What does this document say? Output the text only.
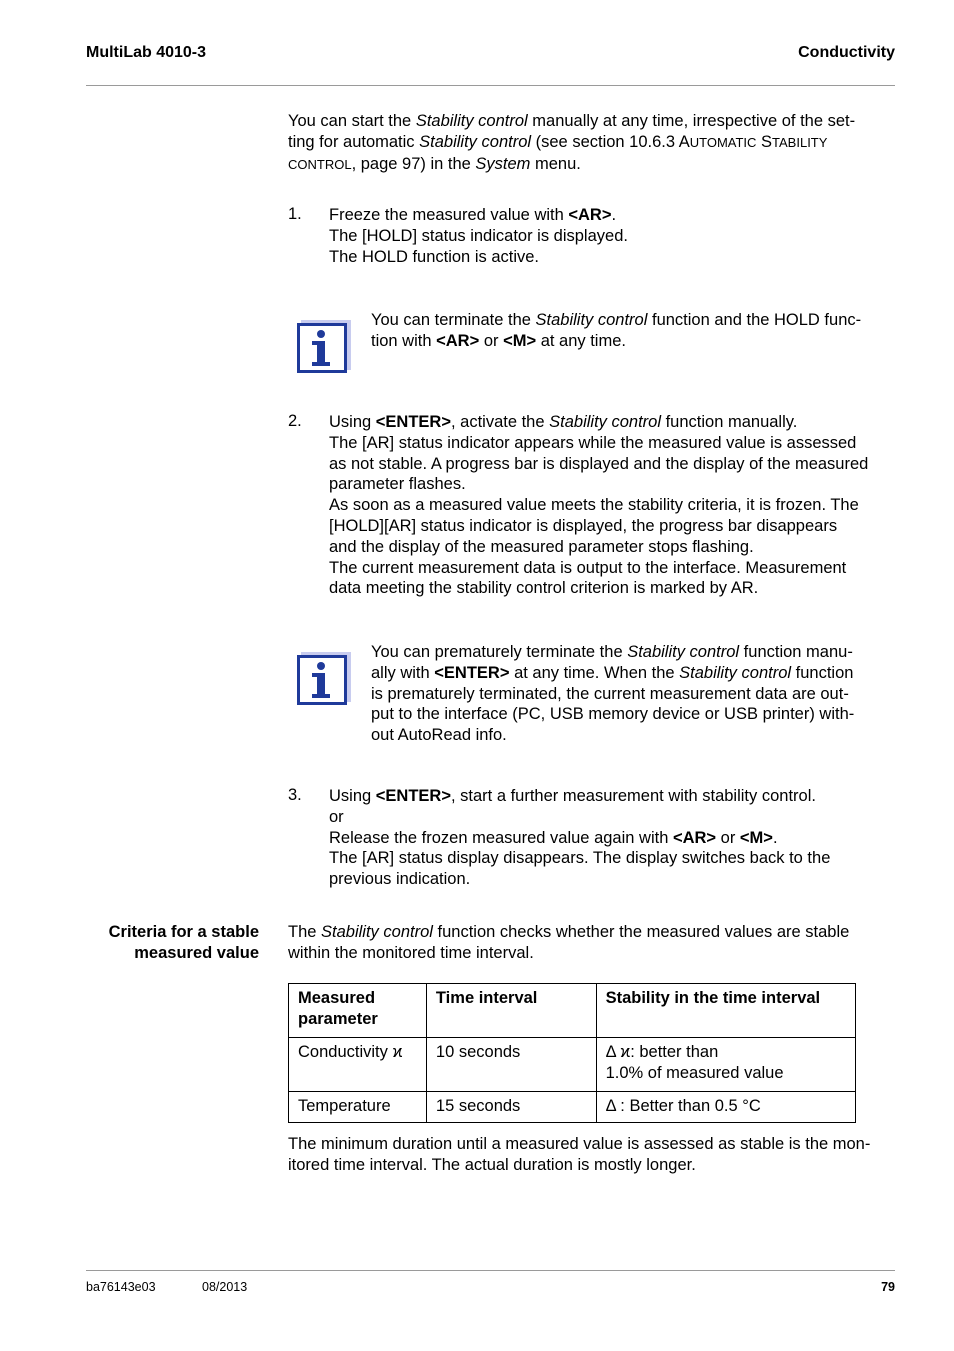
MultiLab 4010-3	Conductivity
You can start the Stability control manually at any time, irrespective of the set-
ting for automatic Stability control (see section 10.6.3 AUTOMATIC STABILITY
CONTROL, page 97) in the System menu.
1. Freeze the measured value with <AR>.
The [HOLD] status indicator is displayed.
The HOLD function is active.
You can terminate the Stability control function and the HOLD func-
tion with <AR> or <M> at any time.
2. Using <ENTER>, activate the Stability control function manually.
The [AR] status indicator appears while the measured value is assessed
as not stable. A progress bar is displayed and the display of the measured
parameter flashes.
As soon as a measured value meets the stability criteria, it is frozen. The
[HOLD][AR] status indicator is displayed, the progress bar disappears
and the display of the measured parameter stops flashing.
The current measurement data is output to the interface. Measurement
data meeting the stability control criterion is marked by AR.
You can prematurely terminate the Stability control function manu-
ally with <ENTER> at any time. When the Stability control function
is prematurely terminated, the current measurement data are out-
put to the interface (PC, USB memory device or USB printer) with-
out AutoRead info.
3. Using <ENTER>, start a further measurement with stability control.
or
Release the frozen measured value again with <AR> or <M>.
The [AR] status display disappears. The display switches back to the
previous indication.
Criteria for a stable
measured value
The Stability control function checks whether the measured values are stable
within the monitored time interval.
Measured
parameter	Time interval	Stability in the time interval
Conductivity ϰ	10 seconds	Δ ϰ: better than
1.0% of measured value

Temperature	15 seconds	Δ : Better than 0.5 °C
The minimum duration until a measured value is assessed as stable is the mon-
itored time interval. The actual duration is mostly longer.
ba76143e03	08/2013	79
